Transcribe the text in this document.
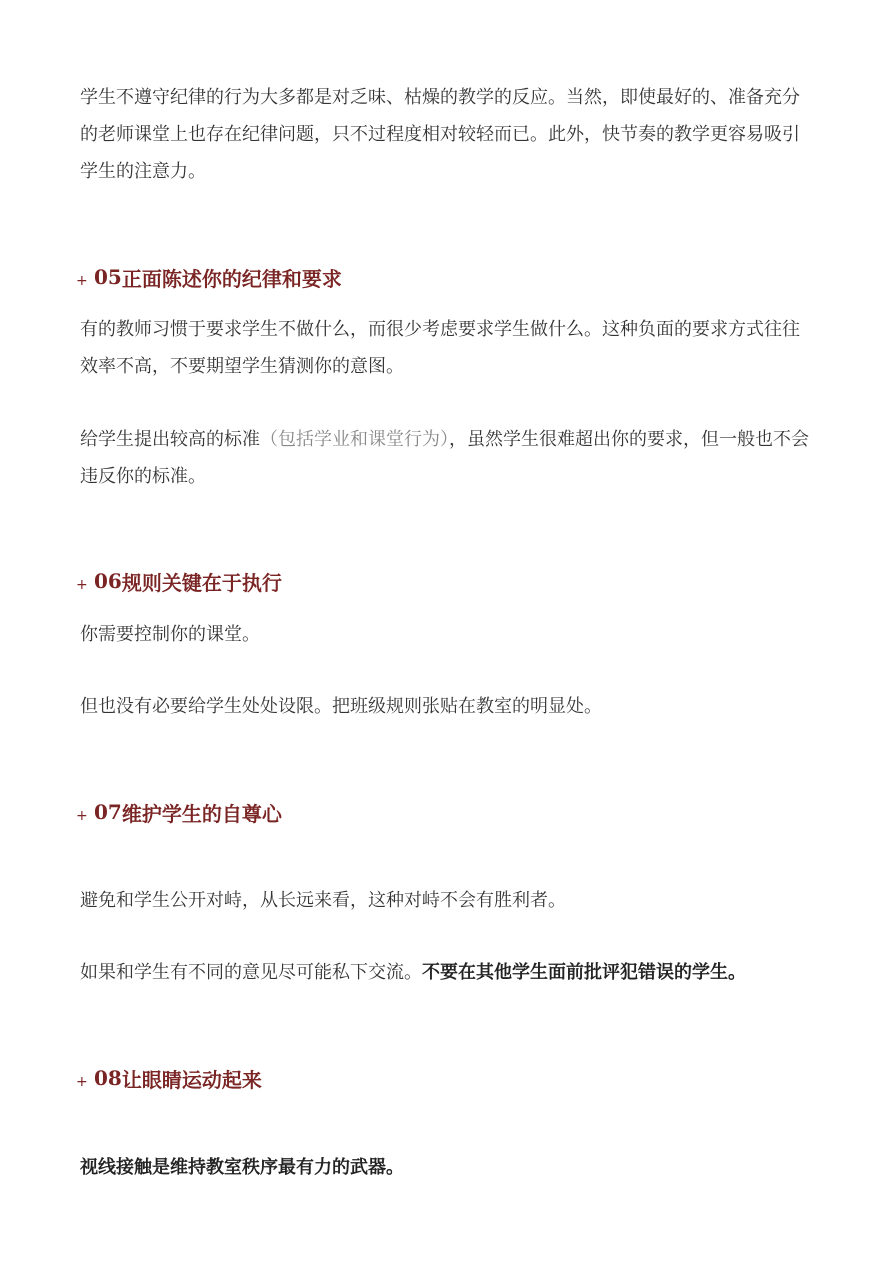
学生不遵守纪律的行为大多都是对乏味、枯燥的教学的反应。当然，即使最好的、准备充分的老师课堂上也存在纪律问题，只不过程度相对较轻而已。此外，快节奏的教学更容易吸引学生的注意力。

+ 05 正面陈述你的纪律和要求

有的教师习惯于要求学生不做什么，而很少考虑要求学生做什么。这种负面的要求方式往往效率不高，不要期望学生猜测你的意图。

给学生提出较高的标准（包括学业和课堂行为），虽然学生很难超出你的要求，但一般也不会违反你的标准。

+ 06 规则关键在于执行

你需要控制你的课堂。

但也没有必要给学生处处设限。把班级规则张贴在教室的明显处。

+ 07 维护学生的自尊心

避免和学生公开对峙，从长远来看，这种对峙不会有胜利者。

如果和学生有不同的意见尽可能私下交流。不要在其他学生面前批评犯错误的学生。

+ 08 让眼睛运动起来

视线接触是维持教室秩序最有力的武器。
